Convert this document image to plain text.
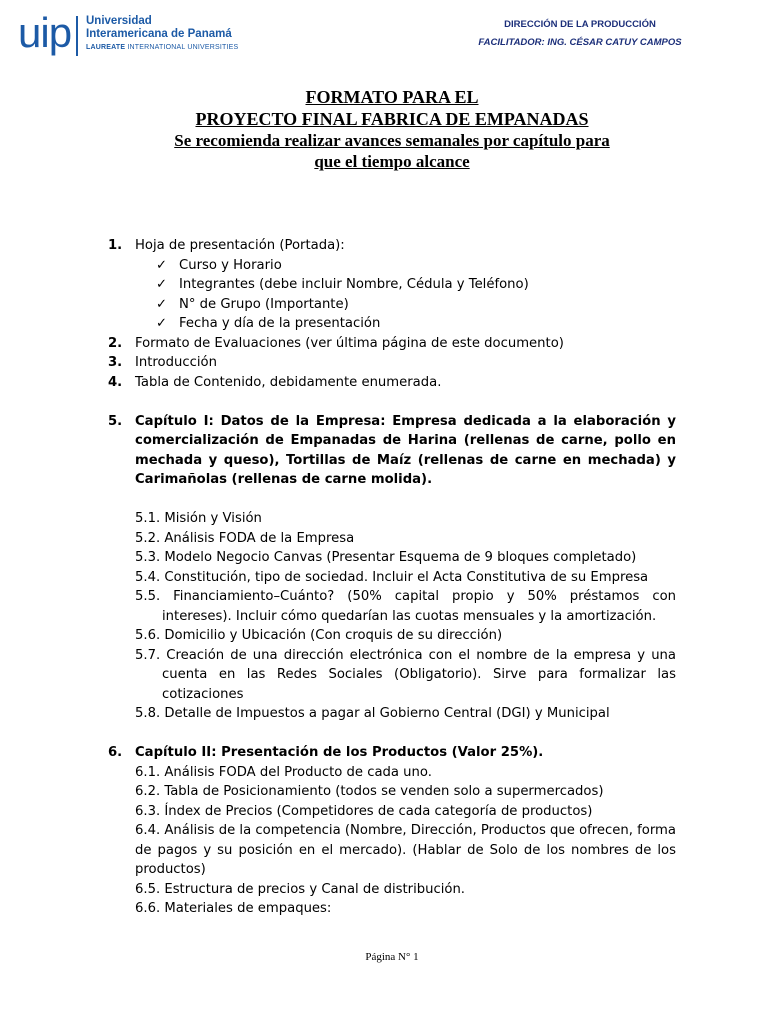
uip Universidad
Interamericana de Panamá
LAUREATE INTERNATIONAL UNIVERSITIES
DIRECCIÓN DE LA PRODUCCIÓN
FACILITADOR: ING. CÉSAR CATUY CAMPOS
FORMATO PARA EL
PROYECTO FINAL FABRICA DE EMPANADAS
Se recomienda realizar avances semanales por capítulo para
que el tiempo alcance
1. Hoja de presentación (Portada):
✓ Curso y Horario
✓ Integrantes (debe incluir Nombre, Cédula y Teléfono)
✓ N° de Grupo (Importante)
✓ Fecha y día de la presentación
2. Formato de Evaluaciones (ver última página de este documento)
3. Introducción
4. Tabla de Contenido, debidamente enumerada.
5. Capítulo I: Datos de la Empresa: Empresa dedicada a la elaboración y comercialización de Empanadas de Harina (rellenas de carne, pollo en mechada y queso), Tortillas de Maíz (rellenas de carne en mechada) y Carimañolas (rellenas de carne molida).
5.1. Misión y Visión
5.2. Análisis FODA de la Empresa
5.3. Modelo Negocio Canvas (Presentar Esquema de 9 bloques completado)
5.4. Constitución, tipo de sociedad. Incluir el Acta Constitutiva de su Empresa
5.5. Financiamiento–Cuánto? (50% capital propio y 50% préstamos con intereses). Incluir cómo quedarían las cuotas mensuales y la amortización.
5.6. Domicilio y Ubicación (Con croquis de su dirección)
5.7. Creación de una dirección electrónica con el nombre de la empresa y una cuenta en las Redes Sociales (Obligatorio). Sirve para formalizar las cotizaciones
5.8. Detalle de Impuestos a pagar al Gobierno Central (DGI) y Municipal
6. Capítulo II: Presentación de los Productos (Valor 25%).
6.1. Análisis FODA del Producto de cada uno.
6.2. Tabla de Posicionamiento (todos se venden solo a supermercados)
6.3. Índex de Precios (Competidores de cada categoría de productos)
6.4. Análisis de la competencia (Nombre, Dirección, Productos que ofrecen, forma de pagos y su posición en el mercado). (Hablar de Solo de los nombres de los productos)
6.5. Estructura de precios y Canal de distribución.
6.6. Materiales de empaques:
Página N° 1
